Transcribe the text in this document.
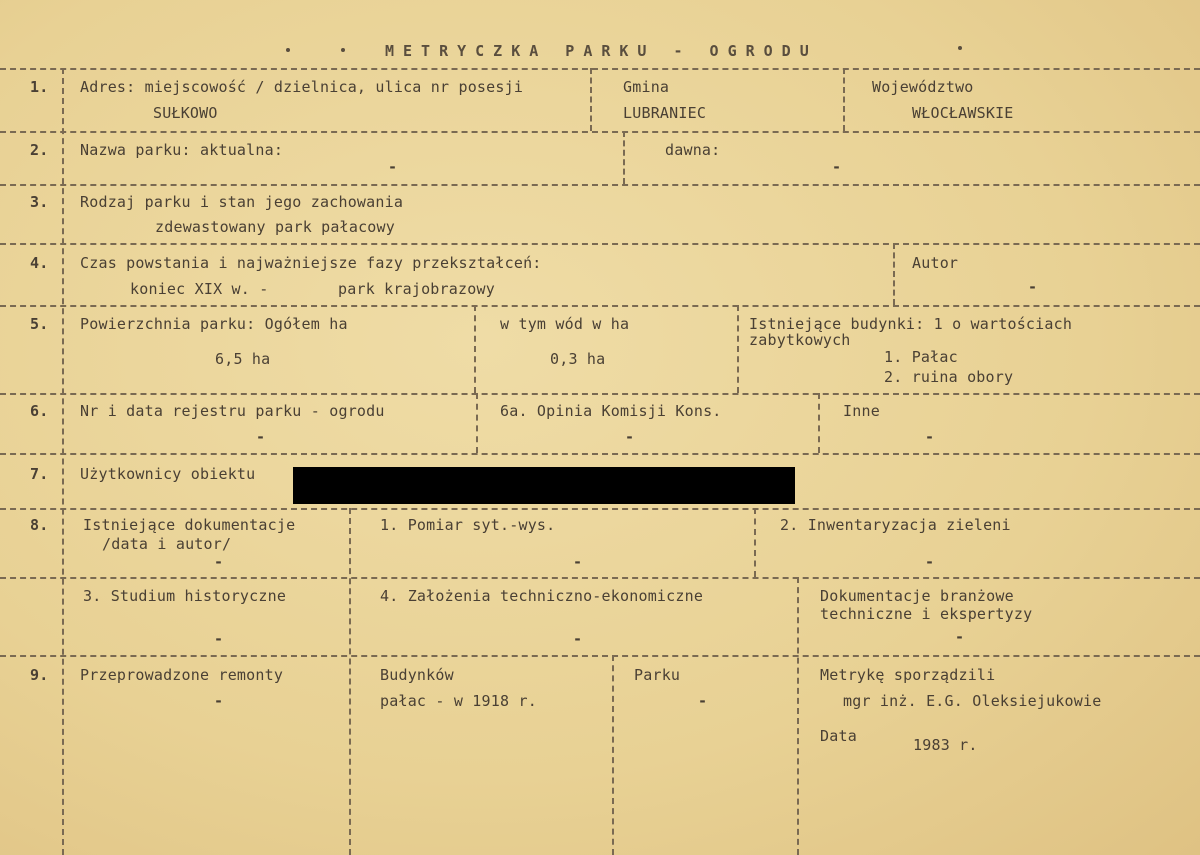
METRYCZKA PARKU - OGRODU
1. Adres: miejscowość / dzielnica, ulica nr posesji
SUŁKOWO
Gmina
LUBRANIEC
Województwo
WŁOCŁAWSKIE
2. Nazwa parku: aktualna:
-
dawna:
-
3. Rodzaj parku i stan jego zachowania
zdewastowany park pałacowy
4. Czas powstania i najważniejsze fazy przekształceń:
koniec XIX w. -	park krajobrazowy
Autor
-
5. Powierzchnia parku: Ogółem ha
6,5 ha
w tym wód w ha
0,3 ha
Istniejące budynki: 1 o wartościach
zabytkowych
1. Pałac
2. ruina obory
6. Nr i data rejestru parku - ogrodu
-
6a. Opinia Komisji Kons.
-
Inne
-
7. Użytkownicy obiektu
8. Istniejące dokumentacje
/data i autor/
-
1. Pomiar syt.-wys.
-
2. Inwentaryzacja zieleni
-
3. Studium historyczne
-
4. Założenia techniczno-ekonomiczne
-
Dokumentacje branżowe
techniczne i ekspertyzy
-
9. Przeprowadzone remonty
-
Budynków
pałac - w 1918 r.
Parku
-
Metrykę sporządzili
mgr inż. E.G. Oleksiejukowie
Data	1983 r.
